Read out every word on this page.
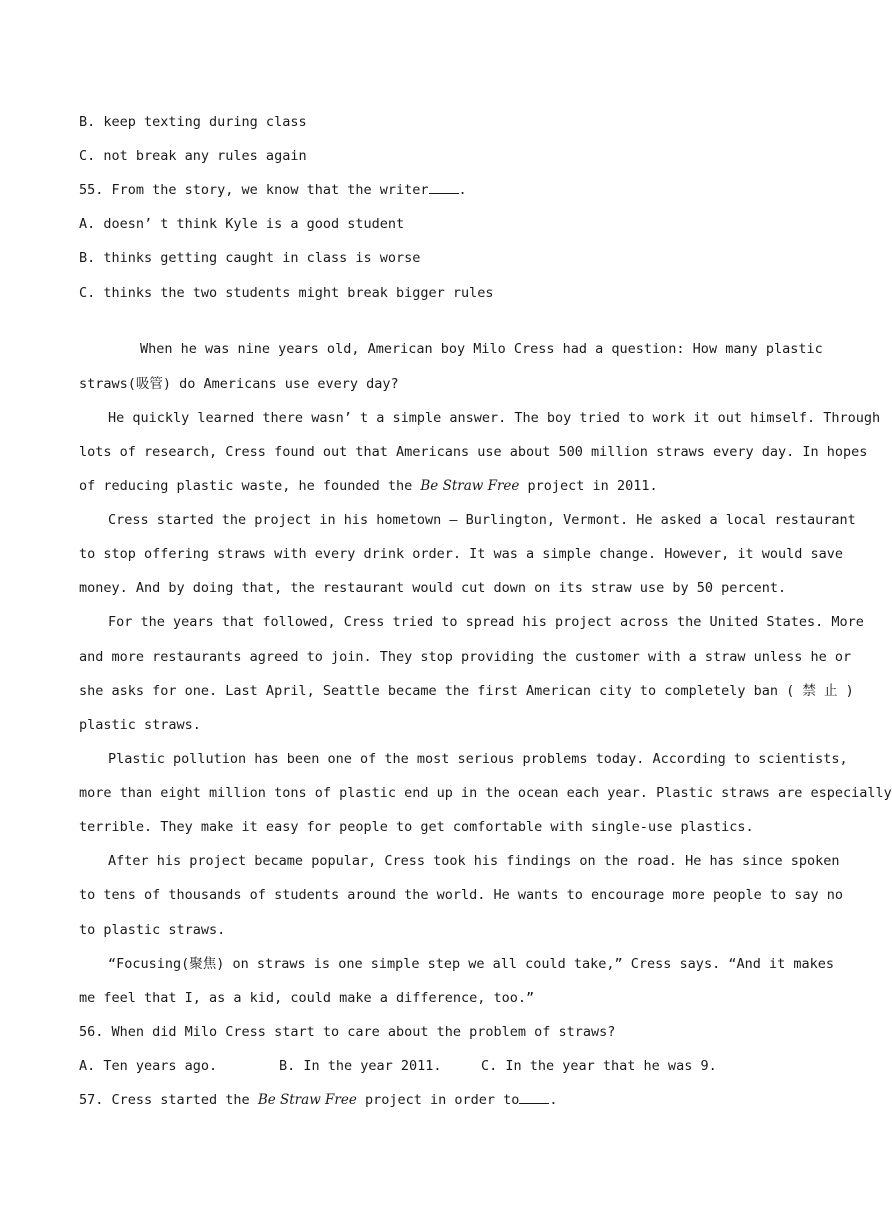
B. keep texting during class
C. not break any rules again
55. From the story, we know that the writer .
A. doesn’ t think Kyle is a good student
B. thinks getting caught in class is worse
C. thinks the two students might break bigger rules
When he was nine years old, American boy Milo Cress had a question: How many plastic
straws(吸管) do Americans use every day?
He quickly learned there wasn’ t a simple answer. The boy tried to work it out himself. Through
lots of research, Cress found out that Americans use about 500 million straws every day. In hopes
of reducing plastic waste, he founded the Be Straw Free project in 2011.
Cress started the project in his hometown – Burlington, Vermont. He asked a local restaurant
to stop offering straws with every drink order. It was a simple change. However, it would save
money. And by doing that, the restaurant would cut down on its straw use by 50 percent.
For the years that followed, Cress tried to spread his project across the United States. More
and more restaurants agreed to join. They stop providing the customer with a straw unless he or
she asks for one. Last April, Seattle became the first American city to completely ban ( 禁 止 )
plastic straws.
Plastic pollution has been one of the most serious problems today. According to scientists,
more than eight million tons of plastic end up in the ocean each year. Plastic straws are especially
terrible. They make it easy for people to get comfortable with single-use plastics.
After his project became popular, Cress took his findings on the road. He has since spoken
to tens of thousands of students around the world. He wants to encourage more people to say no
to plastic straws.
“Focusing(聚焦) on straws is one simple step we all could take,” Cress says. “And it makes
me feel that I, as a kid, could make a difference, too.”
56. When did Milo Cress start to care about the problem of straws?
A. Ten years ago.	B. In the year 2011.	C. In the year that he was 9.
57. Cress started the Be Straw Free project in order to .
